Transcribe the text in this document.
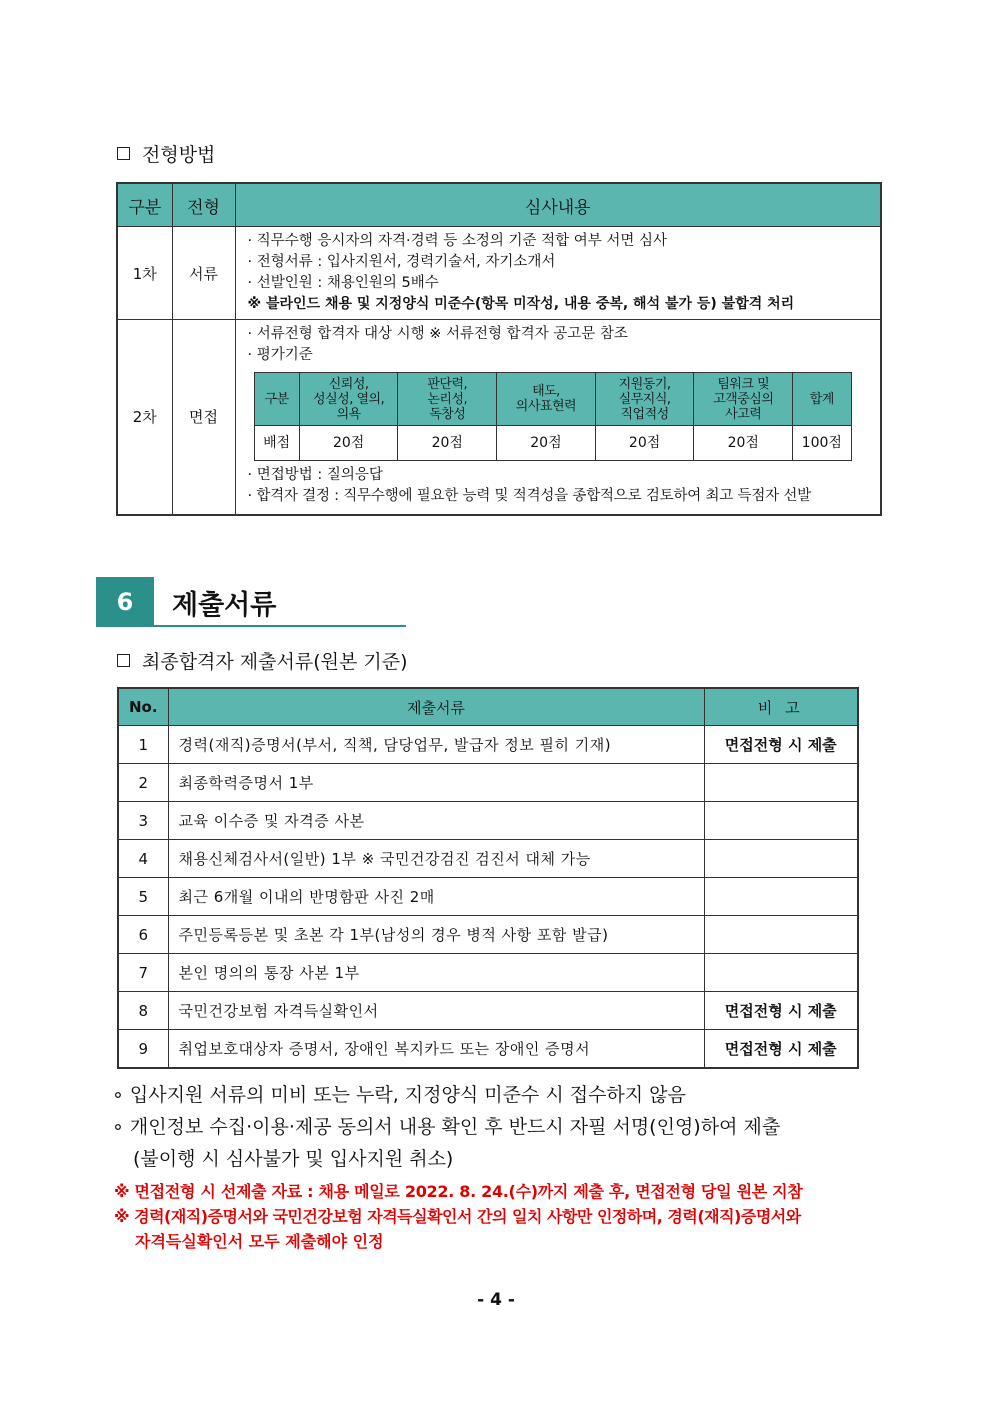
전형방법
구분	전형	심사내용
1차	서류	
· 직무수행 응시자의 자격·경력 등 소정의 기준 적합 여부 서면 심사
· 전형서류 : 입사지원서, 경력기술서, 자기소개서
· 선발인원 : 채용인원의 5배수
※ 블라인드 채용 및 지정양식 미준수(항목 미작성, 내용 중복, 해석 불가 등) 불합격 처리

2차	면접	
· 서류전형 합격자 대상 시행 ※ 서류전형 합격자 공고문 참조
· 평가기준
구분	신뢰성,
성실성, 열의,
의욕	판단력,
논리성,
독창성	태도,
의사표현력	지원동기,
실무지식,
직업적성	팀워크 및
고객중심의
사고력	합계
배점	20점	20점	20점	20점	20점	100점
· 면접방법 : 질의응답
· 합격자 결정 : 직무수행에 필요한 능력 및 적격성을 종합적으로 검토하여 최고 득점자 선발
6	제출서류
최종합격자 제출서류(원본 기준)
No.	제출서류	비 고
1	경력(재직)증명서(부서, 직책, 담당업무, 발급자 정보 필히 기재)	면접전형 시 제출
2	최종학력증명서 1부	
3	교육 이수증 및 자격증 사본	
4	채용신체검사서(일반) 1부 ※ 국민건강검진 검진서 대체 가능	
5	최근 6개월 이내의 반명함판 사진 2매	
6	주민등록등본 및 초본 각 1부(남성의 경우 병적 사항 포함 발급)	
7	본인 명의의 통장 사본 1부	
8	국민건강보험 자격득실확인서	면접전형 시 제출
9	취업보호대상자 증명서, 장애인 복지카드 또는 장애인 증명서	면접전형 시 제출
∘ 입사지원 서류의 미비 또는 누락, 지정양식 미준수 시 접수하지 않음
∘ 개인정보 수집·이용·제공 동의서 내용 확인 후 반드시 자필 서명(인영)하여 제출
(불이행 시 심사불가 및 입사지원 취소)
※ 면접전형 시 선제출 자료 : 채용 메일로 2022. 8. 24.(수)까지 제출 후, 면접전형 당일 원본 지참
※ 경력(재직)증명서와 국민건강보험 자격득실확인서 간의 일치 사항만 인정하며, 경력(재직)증명서와
자격득실확인서 모두 제출해야 인정
- 4 -
